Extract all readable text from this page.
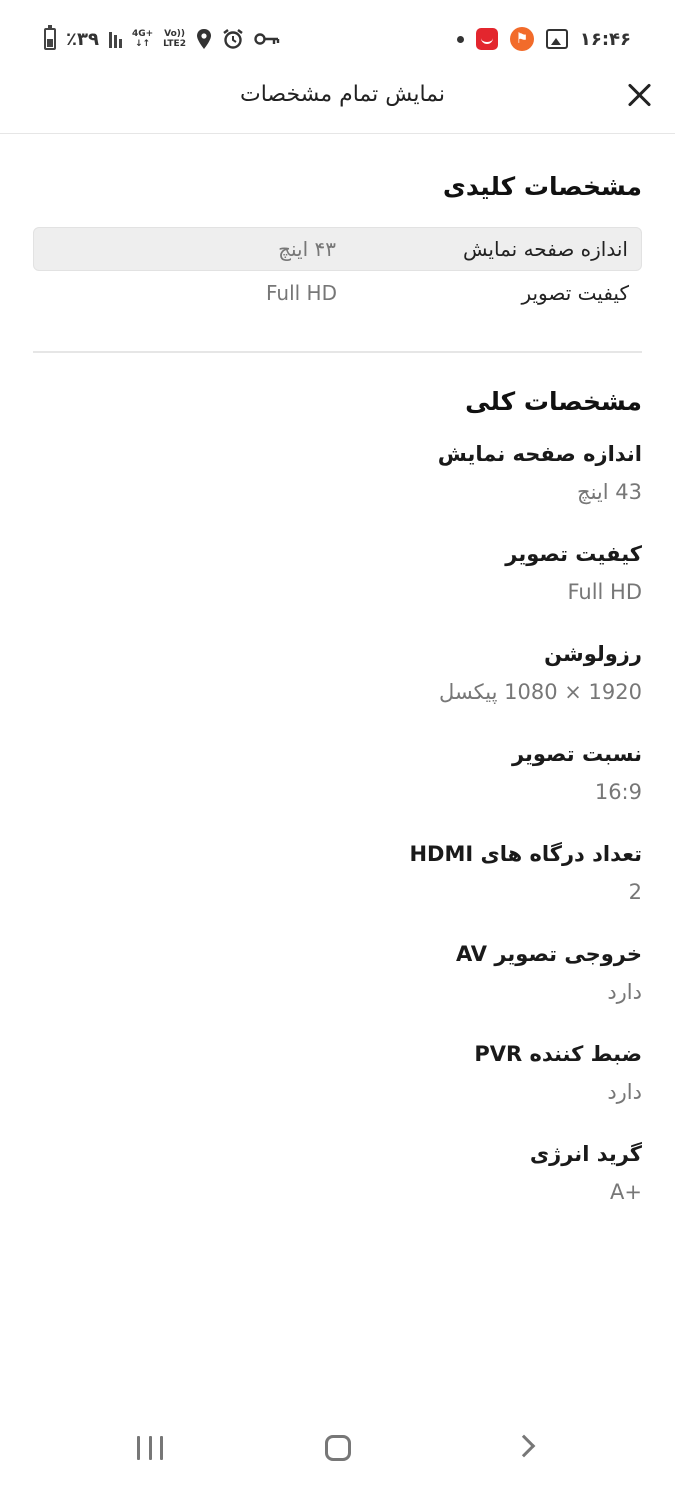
٪۳۹	4G+
↓↑
Vo))
LTE2	⚑	۱۶:۴۶
نمایش تمام مشخصات
مشخصات کلیدی
اندازه صفحه نمایش
۴۳ اینچ
کیفیت تصویر
Full HD
مشخصات کلی
اندازه صفحه نمایش
43 اینچ
کیفیت تصویر
Full HD
رزولوشن
1920 × 1080 پیکسل
نسبت تصویر
16:9
تعداد درگاه های HDMI
2
خروجی تصویر AV
دارد
ضبط کننده PVR
دارد
گرید انرژی
A+
